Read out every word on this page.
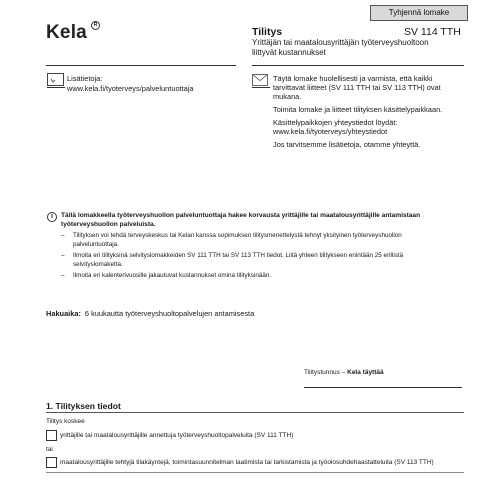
Tyhjennä lomake
Kela	R
Tilitys	SV 114 TTH
Yrittäjän tai maatalousyrittäjän työterveyshuoltoon liittyvät kustannukset
Lisätietoja:
www.kela.fi/tyoterveys/palveluntuottaja

Täytä lomake huolellisesti ja varmista, että kaikki tarvittavat liitteet (SV 111 TTH tai SV 113 TTH) ovat mukana.

Toimita lomake ja liitteet tilityksen käsittelypaikkaan.

Käsittelypaikkojen yhteystiedot löydät: www.kela.fi/tyoterveys/yhteystiedot

Jos tarvitsemme lisätietoja, otamme yhteyttä.

i	Tällä lomakkeella työterveyshuollon palveluntuottaja hakee korvausta yrittäjille tai maatalousyrittäjille antamistaan työterveyshuollon palveluista.
– Tilityksen voi tehdä terveyskeskus tai Kelan kanssa sopimuksen tilitysmenettelystä tehnyt yksityinen työterveyshuollon palveluntuottaja.
– Ilmoita eri tilityksinä selvityslomakkeiden SV 111 TTH tai SV 113 TTH tiedot. Liitä yhteen tilitykseen enintään 25 erillistä selvityslomaketta.
– Ilmoita eri kalenterivuosille jakautuvat kustannukset omina tilityksinään.
Hakuaika: 6 kuukautta työterveyshuoltopalvelujen antamisesta
Tilitystunnus – Kela täyttää
1. Tilityksen tiedot
Tilitys koskee
yrittäjille tai maatalousyrittäjille annettuja työterveyshuoltopalveluita (SV 111 TTH)
tai
maatalousyrittäjille tehtyjä tilakäyntejä, toimintasuunnitelman laatimista tai tarkistamista ja työolosuhdehaastatteluita (SV 113 TTH)
